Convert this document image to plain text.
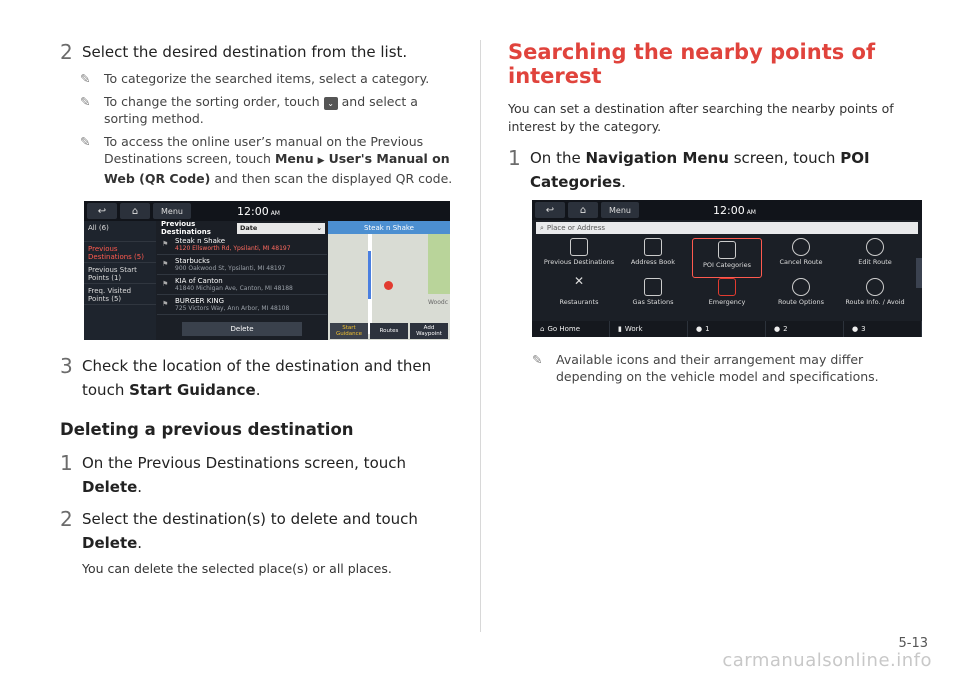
2 Select the desired destination from the list.
✎	To categorize the searched items, select a category.
✎	To change the sorting order, touch ⌄ and select a sorting method.
✎	To access the online user’s manual on the Previous Destinations screen, touch Menu ▶ User's Manual on Web (QR Code) and then scan the displayed QR code.
↩	⌂	Menu	12:00 AM
All (6)
Previous Destinations (5)
Previous Start Points (1)
Freq. Visited Points (5)
Previous Destinations	Date	⌄
⚑ Steak n Shake
4120 Ellsworth Rd, Ypsilanti, MI 48197
⚑ Starbucks
900 Oakwood St, Ypsilanti, MI 48197
⚑ KIA of Canton
41840 Michigan Ave, Canton, MI 48188
⚑ BURGER KING
725 Victors Way, Ann Arbor, MI 48108
Delete
Steak n Shake
Woodc
Start Guidance	Routes	Add Waypoint
3 Check the location of the destination and then touch Start Guidance.
Deleting a previous destination
1 On the Previous Destinations screen, touch Delete.
2 Select the destination(s) to delete and touch Delete.
You can delete the selected place(s) or all places.
Searching the nearby points of interest
You can set a destination after searching the nearby points of interest by the category.
1 On the Navigation Menu screen, touch POI Categories.
↩	⌂	Menu	12:00 AM
⌕ Place or Address
Previous Destinations	Address Book	POI Categories	Cancel Route	Edit Route
✕
Restaurants	Gas Stations	Emergency	Route Options	Route Info. / Avoid
⌂ Go Home	▮ Work	● 1	● 2	● 3
✎	Available icons and their arrangement may differ depending on the vehicle model and specifications.
5-13
carmanualsonline.info
